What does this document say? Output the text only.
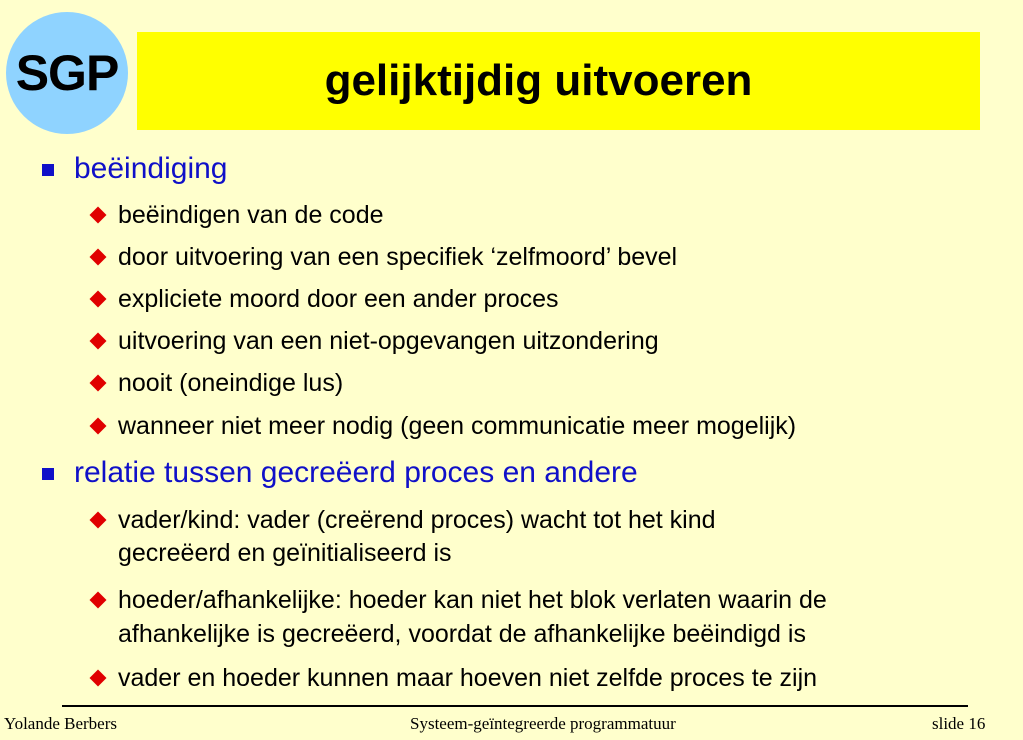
SGP	gelijktijdig uitvoeren
beëindiging
beëindigen van de code
door uitvoering van een specifiek ‘zelfmoord’ bevel
expliciete moord door een ander proces
uitvoering van een niet-opgevangen uitzondering
nooit (oneindige lus)
wanneer niet meer nodig (geen communicatie meer mogelijk)
relatie tussen gecreëerd proces en andere
vader/kind: vader (creërend proces) wacht tot het kind
gecreëerd en geïnitialiseerd is
hoeder/afhankelijke: hoeder kan niet het blok verlaten waarin de
afhankelijke is gecreëerd, voordat de afhankelijke beëindigd is
vader en hoeder kunnen maar hoeven niet zelfde proces te zijn
Yolande Berbers	Systeem-geïntegreerde programmatuur	slide 16
